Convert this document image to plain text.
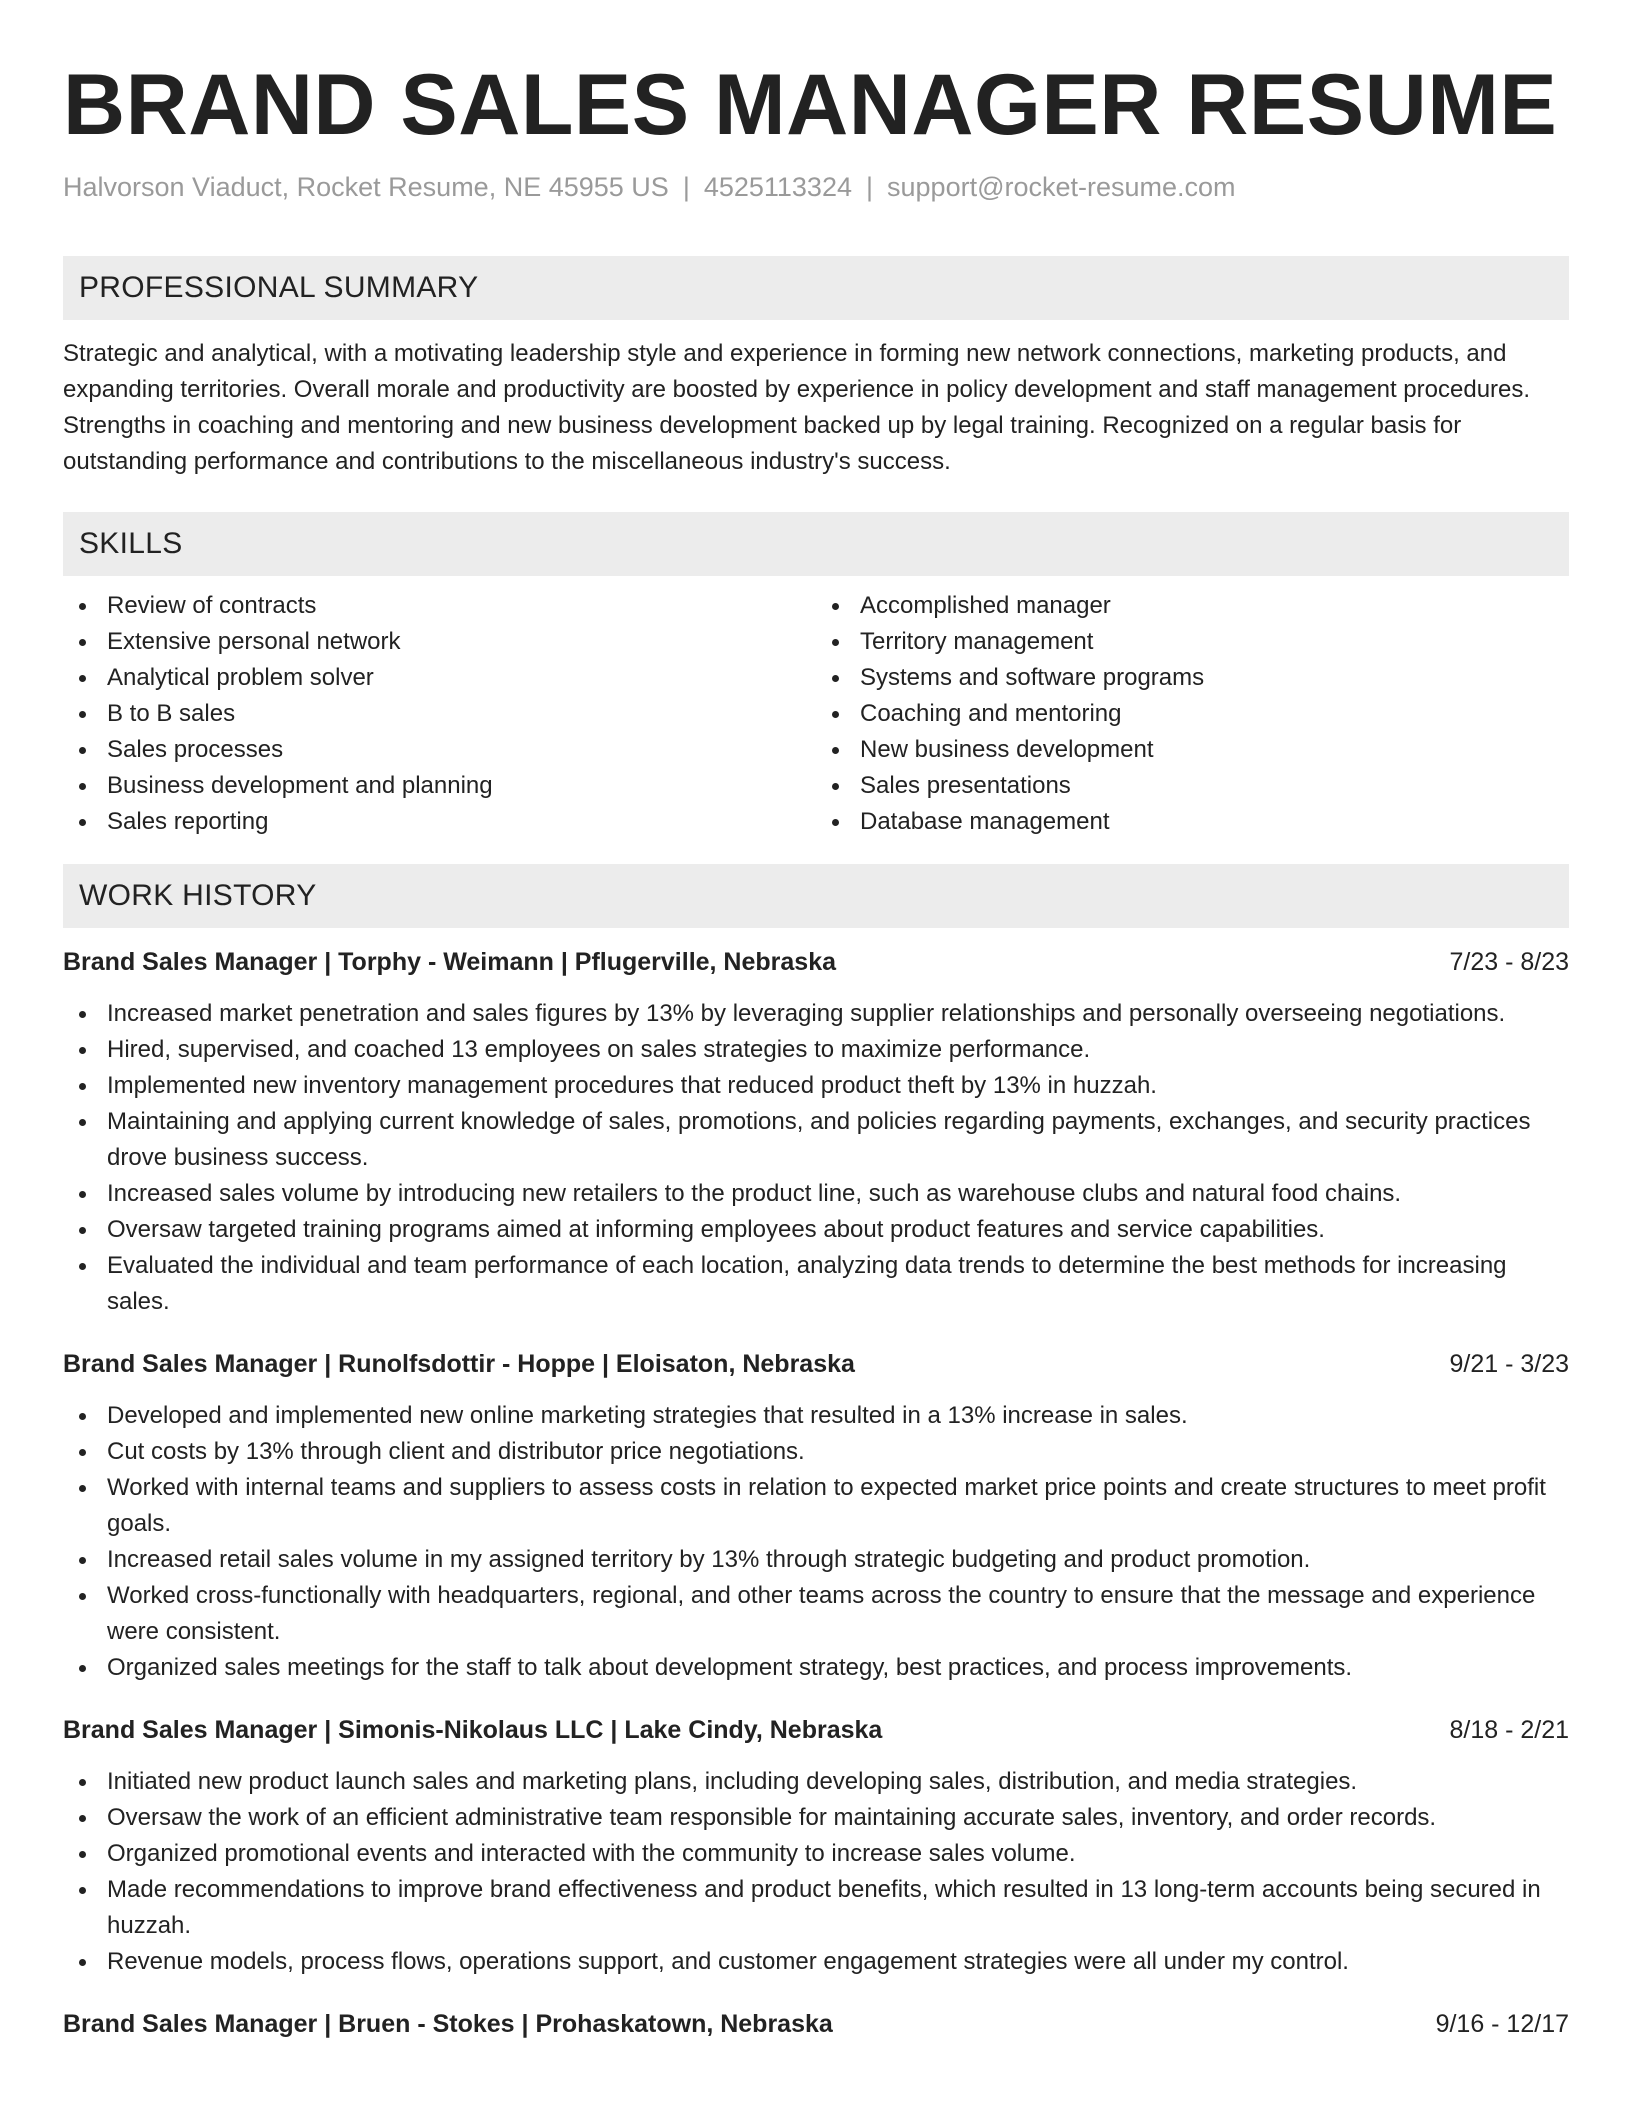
BRAND SALES MANAGER RESUME
Halvorson Viaduct, Rocket Resume, NE 45955 US | 4525113324 | support@rocket-resume.com
PROFESSIONAL SUMMARY
Strategic and analytical, with a motivating leadership style and experience in forming new network connections, marketing products, and expanding territories. Overall morale and productivity are boosted by experience in policy development and staff management procedures. Strengths in coaching and mentoring and new business development backed up by legal training. Recognized on a regular basis for outstanding performance and contributions to the miscellaneous industry's success.
SKILLS
Review of contracts
Extensive personal network
Analytical problem solver
B to B sales
Sales processes
Business development and planning
Sales reporting
Accomplished manager
Territory management
Systems and software programs
Coaching and mentoring
New business development
Sales presentations
Database management
WORK HISTORY
Brand Sales Manager | Torphy - Weimann | Pflugerville, Nebraska	7/23 - 8/23
Increased market penetration and sales figures by 13% by leveraging supplier relationships and personally overseeing negotiations.
Hired, supervised, and coached 13 employees on sales strategies to maximize performance.
Implemented new inventory management procedures that reduced product theft by 13% in huzzah.
Maintaining and applying current knowledge of sales, promotions, and policies regarding payments, exchanges, and security practices drove business success.
Increased sales volume by introducing new retailers to the product line, such as warehouse clubs and natural food chains.
Oversaw targeted training programs aimed at informing employees about product features and service capabilities.
Evaluated the individual and team performance of each location, analyzing data trends to determine the best methods for increasing sales.
Brand Sales Manager | Runolfsdottir - Hoppe | Eloisaton, Nebraska	9/21 - 3/23
Developed and implemented new online marketing strategies that resulted in a 13% increase in sales.
Cut costs by 13% through client and distributor price negotiations.
Worked with internal teams and suppliers to assess costs in relation to expected market price points and create structures to meet profit goals.
Increased retail sales volume in my assigned territory by 13% through strategic budgeting and product promotion.
Worked cross-functionally with headquarters, regional, and other teams across the country to ensure that the message and experience were consistent.
Organized sales meetings for the staff to talk about development strategy, best practices, and process improvements.
Brand Sales Manager | Simonis-Nikolaus LLC | Lake Cindy, Nebraska	8/18 - 2/21
Initiated new product launch sales and marketing plans, including developing sales, distribution, and media strategies.
Oversaw the work of an efficient administrative team responsible for maintaining accurate sales, inventory, and order records.
Organized promotional events and interacted with the community to increase sales volume.
Made recommendations to improve brand effectiveness and product benefits, which resulted in 13 long-term accounts being secured in huzzah.
Revenue models, process flows, operations support, and customer engagement strategies were all under my control.
Brand Sales Manager | Bruen - Stokes | Prohaskatown, Nebraska	9/16 - 12/17
